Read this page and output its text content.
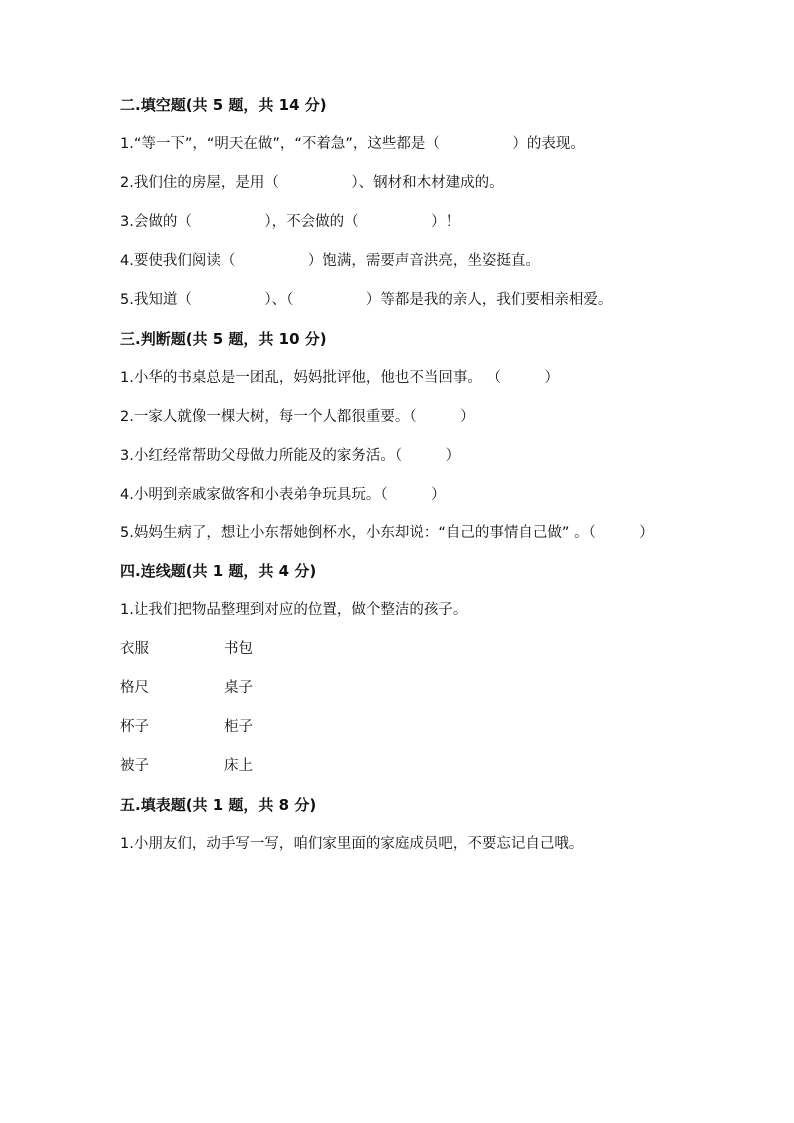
二.填空题(共 5 题，共 14 分)
1.“等一下”，“明天在做”，“不着急”，这些都是（　　　　　）的表现。
2.我们住的房屋，是用（　　　　　）、钢材和木材建成的。
3.会做的（　　　　　），不会做的（　　　　　）！
4.要使我们阅读（　　　　　）饱满，需要声音洪亮，坐姿挺直。
5.我知道（　　　　　）、（　　　　　）等都是我的亲人，我们要相亲相爱。
三.判断题(共 5 题，共 10 分)
1.小华的书桌总是一团乱，妈妈批评他，他也不当回事。 （　　　）
2.一家人就像一棵大树，每一个人都很重要。（　　　）
3.小红经常帮助父母做力所能及的家务活。（　　　）
4.小明到亲戚家做客和小表弟争玩具玩。（　　　）
5.妈妈生病了，想让小东帮她倒杯水，小东却说：“自己的事情自己做” 。（　　　）
四.连线题(共 1 题，共 4 分)
1.让我们把物品整理到对应的位置，做个整洁的孩子。
衣服	书包
格尺	桌子
杯子	柜子
被子	床上
五.填表题(共 1 题，共 8 分)
1.小朋友们，动手写一写，咱们家里面的家庭成员吧，不要忘记自己哦。
